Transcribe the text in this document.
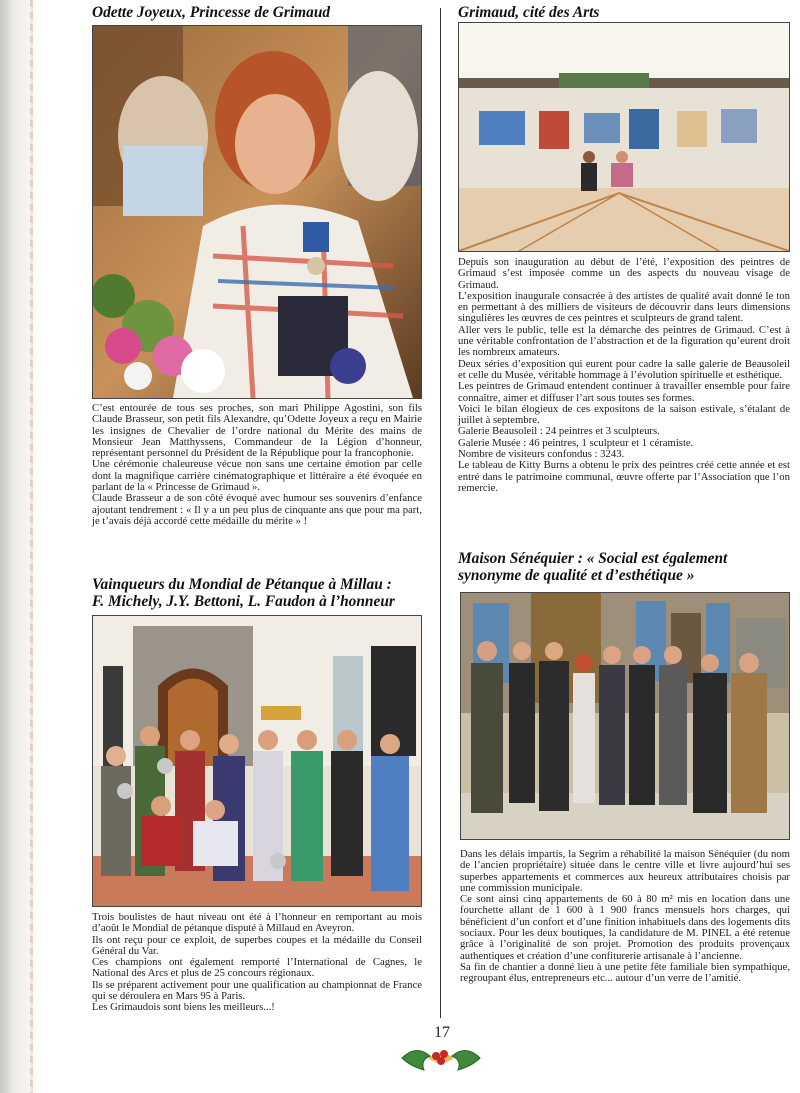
Odette Joyeux, Princesse de Grimaud

C’est entourée de tous ses proches, son mari Philippe Agostini, son fils Claude Brasseur, son petit fils Alexandre, qu’Odette Joyeux a reçu en Mairie les insignes de Chevalier de l’ordre national du Mérite des mains de Monsieur Jean Matthyssens, Commandeur de la Légion d’honneur, représentant personnel du Président de la République pour la francophonie.

Une cérémonie chaleureuse vécue non sans une certaine émotion par celle dont la magnifique carrière cinématographique et littéraire a été évoquée en parlant de la « Princesse de Grimaud ».

Claude Brasseur a de son côté évoqué avec humour ses souvenirs d’enfance ajoutant tendrement : « Il y a un peu plus de cinquante ans que pour ma part, je t’avais déjà accordé cette médaille du mérite » !

Vainqueurs du Mondial de Pétanque à Millau :
F. Michely, J.Y. Bettoni, L. Faudon à l’honneur

Trois boulistes de haut niveau ont été à l’honneur en remportant au mois d’août le Mondial de pétanque disputé à Millaud en Aveyron.

Ils ont reçu pour ce exploit, de superbes coupes et la médaille du Conseil Général du Var.

Ces champions ont également remporté l’International de Cagnes, le National des Arcs et plus de 25 concours régionaux.

Ils se préparent activement pour une qualification au championnat de France qui se déroulera en Mars 95 à Paris.

Les Grimaudois sont biens les meilleurs...!

Grimaud, cité des Arts

Depuis son inauguration au début de l’été, l’exposition des peintres de Grimaud s’est imposée comme un des aspects du nouveau visage de Grimaud.

L’exposition inaugurale consacrée à des artistes de qualité avait donné le ton en permettant à des milliers de visiteurs de découvrir dans leurs dimensions singulières les œuvres de ces peintres et sculpteurs de grand talent.

Aller vers le public, telle est la démarche des peintres de Grimaud. C’est à une véritable confrontation de l’abstraction et de la figuration qu’eurent droit les nombreux amateurs.

Deux séries d’exposition qui eurent pour cadre la salle galerie de Beausoleil et celle du Musée, véritable hommage à l’évolution spirituelle et esthétique.

Les peintres de Grimaud entendent continuer à travailler ensemble pour faire connaître, aimer et diffuser l’art sous toutes ses formes.

Voici le bilan élogieux de ces expositons de la saison estivale, s’étalant de juillet à septembre.

Galerie Beausoleil : 24 peintres et 3 sculpteurs.

Galerie Musée : 46 peintres, 1 sculpteur et 1 céramiste.

Nombre de visiteurs confondus : 3243.

Le tableau de Kitty Burns a obtenu le prix des peintres créé cette année et est entré dans le patrimoine communal, œuvre offerte par l’Association que l’on remercie.

Maison Sénéquier : « Social est également
synonyme de qualité et d’esthétique »

Dans les délais impartis, la Segrim a réhabilité la maison Sénéquier (du nom de l’ancien propriétaire) située dans le centre ville et livre aujourd’hui ses superbes appartements et commerces aux heureux attributaires choisis par une commission municipale.

Ce sont ainsi cinq appartements de 60 à 80 m² mis en location dans une fourchette allant de 1 600 à 1 900 francs mensuels hors charges, qui bénéficient d’un confort et d’une finition inhabituels dans des logements dits sociaux. Pour les deux boutiques, la candidature de M. PINEL a été retenue grâce à l’originalité de son projet. Promotion des produits provençaux authentiques et création d’une confiturerie artisanale à l’ancienne.

Sa fin de chantier a donné lieu à une petite fête familiale bien sympathique, regroupant élus, entrepreneurs etc... autour d’un verre de l’amitié.

17
